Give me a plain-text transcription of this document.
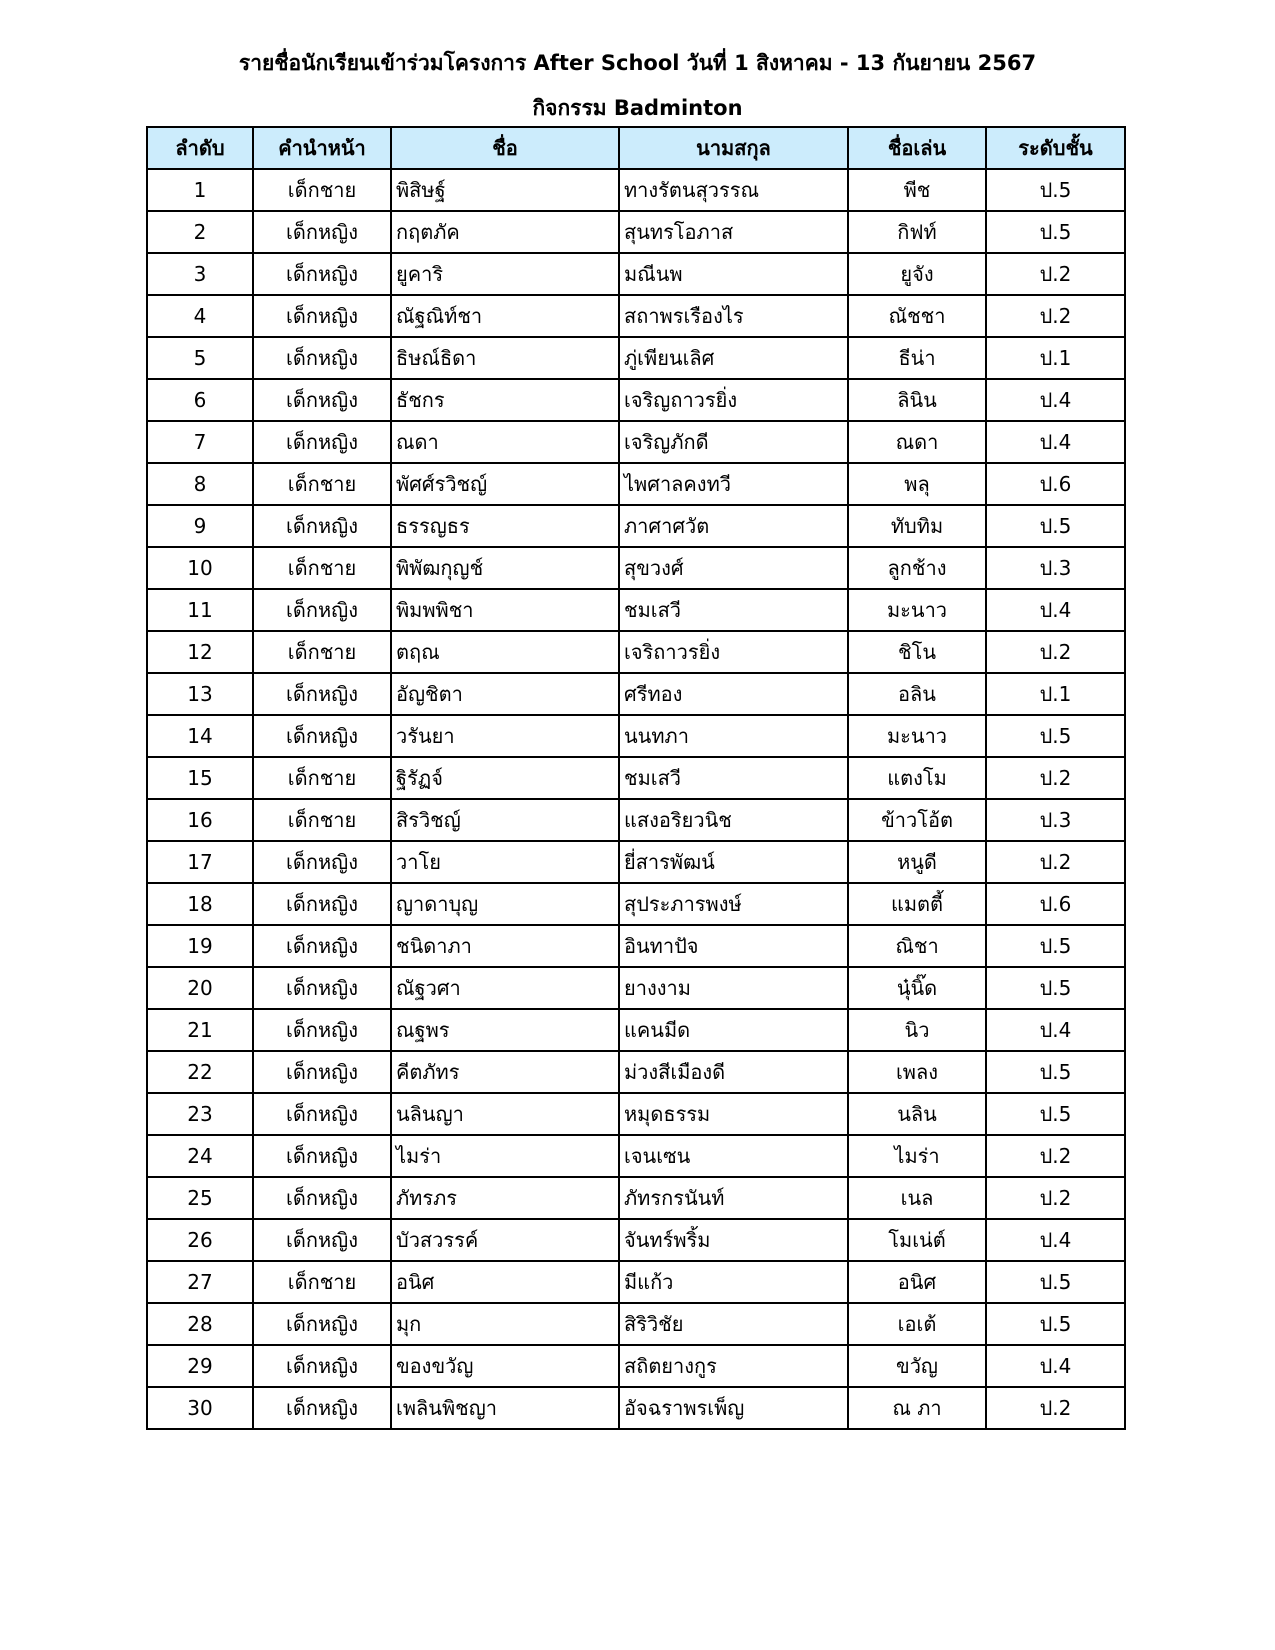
รายชื่อนักเรียนเข้าร่วมโครงการ After School วันที่ 1 สิงหาคม - 13 กันยายน 2567
กิจกรรม Badminton
ลำดับ	คำนำหน้า	ชื่อ	นามสกุล	ชื่อเล่น	ระดับชั้น
1	เด็กชาย	พิสิษฐ์	ทางรัตนสุวรรณ	พีช	ป.5
2	เด็กหญิง	กฤตภัค	สุนทรโอภาส	กิฟท์	ป.5
3	เด็กหญิง	ยูคาริ	มณีนพ	ยูจัง	ป.2
4	เด็กหญิง	ณัฐณิท์ชา	สถาพรเรืองไร	ณัชชา	ป.2
5	เด็กหญิง	ธิษณ์ธิดา	ภู่เพียนเลิศ	ธีน่า	ป.1
6	เด็กหญิง	ธัชกร	เจริญถาวรยิ่ง	ลินิน	ป.4
7	เด็กหญิง	ณดา	เจริญภักดี	ณดา	ป.4
8	เด็กชาย	พัศศ์รวิชญ์	ไพศาลคงทวี	พลุ	ป.6
9	เด็กหญิง	ธรรญธร	ภาศาศวัต	ทับทิม	ป.5
10	เด็กชาย	พิพัฒกุญช์	สุขวงศ์	ลูกช้าง	ป.3
11	เด็กหญิง	พิมพพิชา	ชมเสวี	มะนาว	ป.4
12	เด็กชาย	ตฤณ	เจริถาวรยิ่ง	ชิโน	ป.2
13	เด็กหญิง	อัญชิตา	ศรีทอง	อลิน	ป.1
14	เด็กหญิง	วรันยา	นนทภา	มะนาว	ป.5
15	เด็กชาย	ฐิรัฏจ์	ชมเสวี	แตงโม	ป.2
16	เด็กชาย	สิรวิชญ์	แสงอริยวนิช	ข้าวโอ้ต	ป.3
17	เด็กหญิง	วาโย	ยี่สารพัฒน์	หนูดี	ป.2
18	เด็กหญิง	ญาดาบุญ	สุประภารพงษ์	แมตตี้	ป.6
19	เด็กหญิง	ชนิดาภา	อินทาปัจ	ณิชา	ป.5
20	เด็กหญิง	ณัฐวศา	ยางงาม	นุ๋นิ๊ด	ป.5
21	เด็กหญิง	ณฐพร	แคนมีด	นิว	ป.4
22	เด็กหญิง	คีตภัทร	ม่วงสีเมืองดี	เพลง	ป.5
23	เด็กหญิง	นลินญา	หมุดธรรม	นลิน	ป.5
24	เด็กหญิง	ไมร่า	เจนเซน	ไมร่า	ป.2
25	เด็กหญิง	ภัทรภร	ภัทรกรนันท์	เนล	ป.2
26	เด็กหญิง	บัวสวรรค์	จันทร์พริ้ม	โมเน่ต์	ป.4
27	เด็กชาย	อนิศ	มีแก้ว	อนิศ	ป.5
28	เด็กหญิง	มุก	สิริวิชัย	เอเต้	ป.5
29	เด็กหญิง	ของขวัญ	สถิตยางกูร	ขวัญ	ป.4
30	เด็กหญิง	เพลินพิชญา	อัจฉราพรเพ็ญ	ณ ภา	ป.2
